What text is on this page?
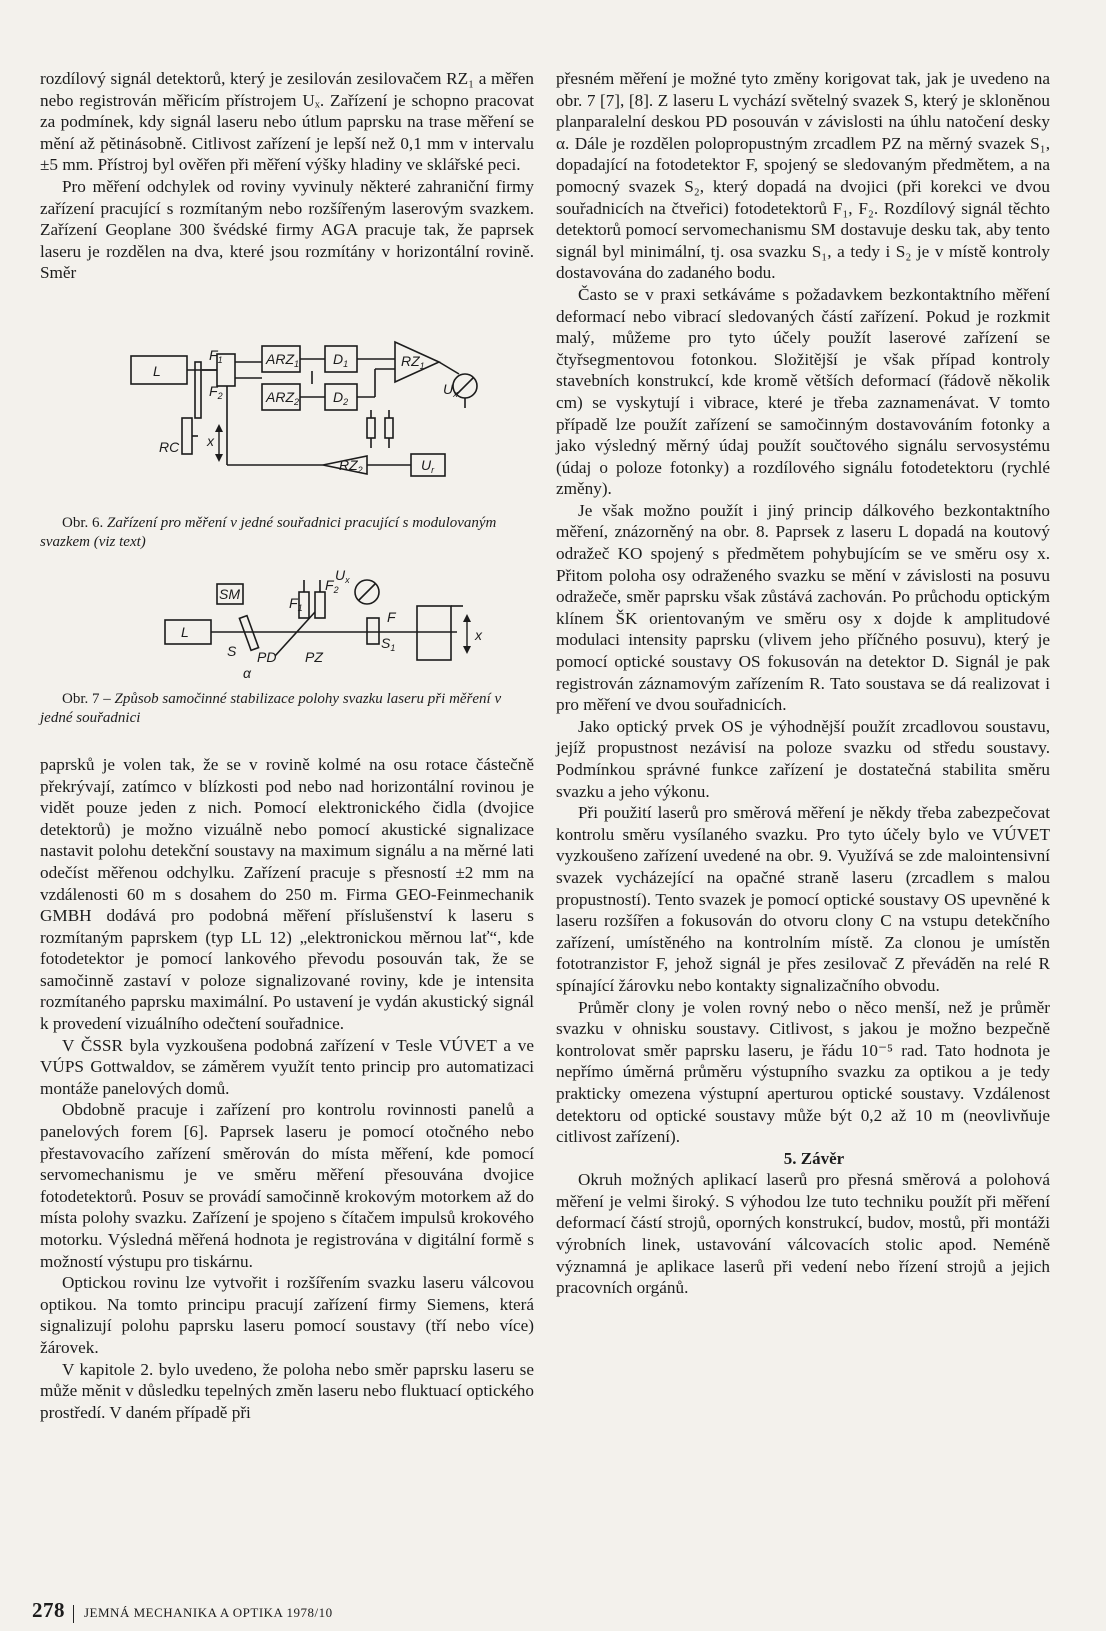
rozdílový signál detektorů, který je zesilován zesilovačem RZ₁ a měřen nebo registrován měřicím přístrojem Uₓ. Zařízení je schopno pracovat za podmínek, kdy signál laseru nebo útlum paprsku na trase měření se mění až pětinásobně. Citlivost zařízení je lepší než 0,1 mm v intervalu ±5 mm. Přístroj byl ověřen při měření výšky hladiny ve sklářské peci.

Pro měření odchylek od roviny vyvinuly některé zahraniční firmy zařízení pracující s rozmítaným nebo rozšířeným laserovým svazkem. Zařízení Geoplane 300 švédské firmy AGA pracuje tak, že paprsek laseru je rozdělen na dva, které jsou rozmítány v horizontální rovině. Směr

L
RC
$F_1$
$F_2$
$ARZ_1$
$ARZ_2$
$D_1$
$D_2$
$RZ_1$
$RZ_2$
$U_x$
$U_r$
x

Obr. 6. Zařízení pro měření v jedné souřadnici pracující s modulovaným svazkem (viz text)

SM
L
S PD PZ
α
$F_1$
$F_2$
F
$S_1$
$U_x$
x

Obr. 7 – Způsob samočinné stabilizace polohy svazku laseru při měření v jedné souřadnici

paprsků je volen tak, že se v rovině kolmé na osu rotace částečně překrývají, zatímco v blízkosti pod nebo nad horizontální rovinou je vidět pouze jeden z nich. Pomocí elektronického čidla (dvojice detektorů) je možno vizuálně nebo pomocí akustické signalizace nastavit polohu detekční soustavy na maximum signálu a na měrné lati odečíst měřenou odchylku. Zařízení pracuje s přesností ±2 mm na vzdálenosti 60 m s dosahem do 250 m. Firma GEO-Feinmechanik GMBH dodává pro podobná měření příslušenství k laseru s rozmítaným paprskem (typ LL 12) „elektronickou měrnou lať“, kde fotodetektor je pomocí lankového převodu posouván tak, že se samočinně zastaví v poloze signalizované roviny, kde je intensita rozmítaného paprsku maximální. Po ustavení je vydán akustický signál k provedení vizuálního odečtení souřadnice.

V ČSSR byla vyzkoušena podobná zařízení v Tesle VÚVET a ve VÚPS Gottwaldov, se záměrem využít tento princip pro automatizaci montáže panelových domů.

Obdobně pracuje i zařízení pro kontrolu rovinnosti panelů a panelových forem [6]. Paprsek laseru je pomocí otočného nebo přestavovacího zařízení směrován do místa měření, kde pomocí servomechanismu je ve směru měření přesouvána dvojice fotodetektorů. Posuv se provádí samočinně krokovým motorkem až do místa polohy svazku. Zařízení je spojeno s čítačem impulsů krokového motorku. Výsledná měřená hodnota je registrována v digitální formě s možností výstupu pro tiskárnu.

Optickou rovinu lze vytvořit i rozšířením svazku laseru válcovou optikou. Na tomto principu pracují zařízení firmy Siemens, která signalizují polohu paprsku laseru pomocí soustavy (tří nebo více) žárovek.

V kapitole 2. bylo uvedeno, že poloha nebo směr paprsku laseru se může měnit v důsledku tepelných změn laseru nebo fluktuací optického prostředí. V daném případě při

přesném měření je možné tyto změny korigovat tak, jak je uvedeno na obr. 7 [7], [8]. Z laseru L vychází světelný svazek S, který je skloněnou planparalelní deskou PD posouván v závislosti na úhlu natočení desky α. Dále je rozdělen polopropustným zrcadlem PZ na měrný svazek S₁, dopadající na fotodetektor F, spojený se sledovaným předmětem, a na pomocný svazek S₂, který dopadá na dvojici (při korekci ve dvou souřadnicích na čtveřici) fotodetektorů F₁, F₂. Rozdílový signál těchto detektorů pomocí servomechanismu SM dostavuje desku tak, aby tento signál byl minimální, tj. osa svazku S₁, a tedy i S₂ je v místě kontroly dostavována do zadaného bodu.

Často se v praxi setkáváme s požadavkem bezkontaktního měření deformací nebo vibrací sledovaných částí zařízení. Pokud je rozkmit malý, můžeme pro tyto účely použít laserové zařízení se čtyřsegmentovou fotonkou. Složitější je však případ kontroly stavebních konstrukcí, kde kromě větších deformací (řádově několik cm) se vyskytují i vibrace, které je třeba zaznamenávat. V tomto případě lze použít zařízení se samočinným dostavováním fotonky a jako výsledný měrný údaj použít součtového signálu servosystému (údaj o poloze fotonky) a rozdílového signálu fotodetektoru (rychlé změny).

Je však možno použít i jiný princip dálkového bezkontaktního měření, znázorněný na obr. 8. Paprsek z laseru L dopadá na koutový odražeč KO spojený s předmětem pohybujícím se ve směru osy x. Přitom poloha osy odraženého svazku se mění v závislosti na posuvu odražeče, směr paprsku však zůstává zachován. Po průchodu optickým klínem ŠK orientovaným ve směru osy x dojde k amplitudové modulaci intensity paprsku (vlivem jeho příčného posuvu), který je pomocí optické soustavy OS fokusován na detektor D. Signál je pak registrován záznamovým zařízením R. Tato soustava se dá realizovat i pro měření ve dvou souřadnicích.

Jako optický prvek OS je výhodnější použít zrcadlovou soustavu, jejíž propustnost nezávisí na poloze svazku od středu soustavy. Podmínkou správné funkce zařízení je dostatečná stabilita směru svazku a jeho výkonu.

Při použití laserů pro směrová měření je někdy třeba zabezpečovat kontrolu směru vysílaného svazku. Pro tyto účely bylo ve VÚVET vyzkoušeno zařízení uvedené na obr. 9. Využívá se zde malointensivní svazek vycházející na opačné straně laseru (zrcadlem s malou propustností). Tento svazek je pomocí optické soustavy OS upevněné k laseru rozšířen a fokusován do otvoru clony C na vstupu detekčního zařízení, umístěného na kontrolním místě. Za clonou je umístěn fototranzistor F, jehož signál je přes zesilovač Z převáděn na relé R spínající žárovku nebo kontakty signalizačního obvodu.

Průměr clony je volen rovný nebo o něco menší, než je průměr svazku v ohnisku soustavy. Citlivost, s jakou je možno bezpečně kontrolovat směr paprsku laseru, je řádu 10⁻⁵ rad. Tato hodnota je nepřímo úměrná průměru výstupního svazku za optikou a je tedy prakticky omezena výstupní aperturou optické soustavy. Vzdálenost detektoru od optické soustavy může být 0,2 až 10 m (neovlivňuje citlivost zařízení).

5. Závěr

Okruh možných aplikací laserů pro přesná směrová a polohová měření je velmi široký. S výhodou lze tuto techniku použít při měření deformací částí strojů, oporných konstrukcí, budov, mostů, při montáži výrobních linek, ustavování válcovacích stolic apod. Neméně významná je aplikace laserů při vedení nebo řízení strojů a jejich pracovních orgánů.

278 JEMNÁ MECHANIKA A OPTIKA 1978/10
